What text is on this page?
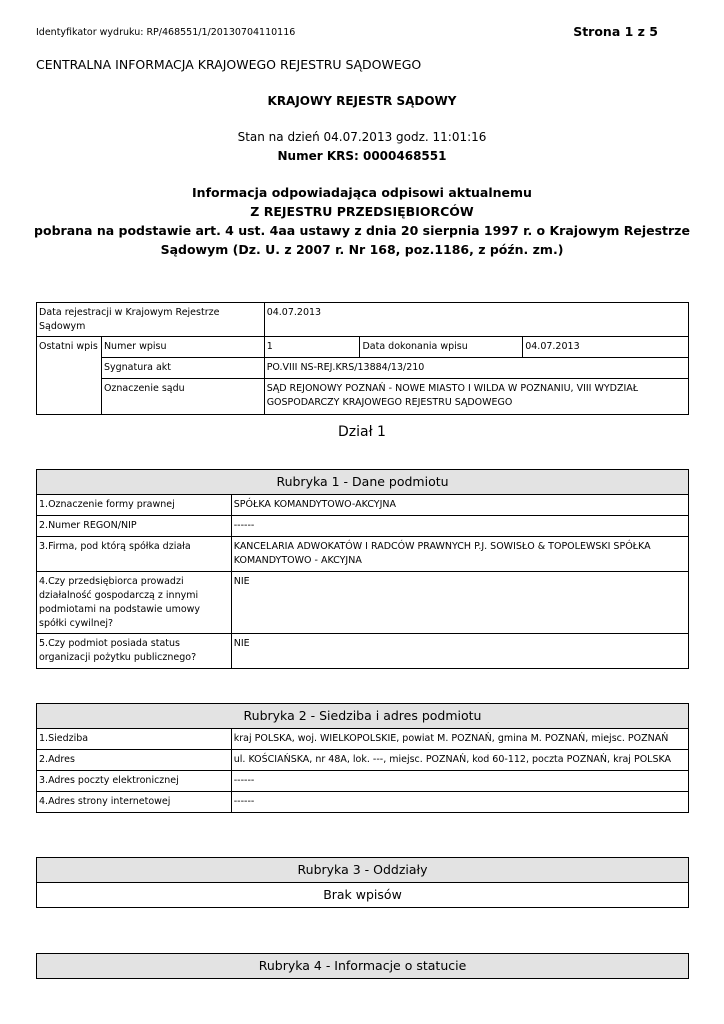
Identyfikator wydruku: RP/468551/1/20130704110116	Strona 1 z 5
CENTRALNA INFORMACJA KRAJOWEGO REJESTRU SĄDOWEGO
KRAJOWY REJESTR SĄDOWY
Stan na dzień 04.07.2013 godz. 11:01:16
Numer KRS: 0000468551
Informacja odpowiadająca odpisowi aktualnemu
Z REJESTRU PRZEDSIĘBIORCÓW
pobrana na podstawie art. 4 ust. 4aa ustawy z dnia 20 sierpnia 1997 r. o Krajowym Rejestrze
Sądowym (Dz. U. z 2007 r. Nr 168, poz.1186, z późn. zm.)
Data rejestracji w Krajowym Rejestrze Sądowym		04.07.2013		
Ostatni wpis	Numer wpisu	1	Data dokonania wpisu	04.07.2013
	Sygnatura akt	PO.VIII NS-REJ.KRS/13884/13/210		
	Oznaczenie sądu	SĄD REJONOWY POZNAŃ - NOWE MIASTO I WILDA W POZNANIU, VIII WYDZIAŁ GOSPODARCZY KRAJOWEGO REJESTRU SĄDOWEGO		
Dział 1
Rubryka 1 - Dane podmiotu	
1.Oznaczenie formy prawnej	SPÓŁKA KOMANDYTOWO-AKCYJNA
2.Numer REGON/NIP	------
3.Firma, pod którą spółka działa	KANCELARIA ADWOKATÓW I RADCÓW PRAWNYCH P.J. SOWISŁO & TOPOLEWSKI SPÓŁKA KOMANDYTOWO - AKCYJNA
4.Czy przedsiębiorca prowadzi działalność gospodarczą z innymi podmiotami na podstawie umowy spółki cywilnej?	NIE
5.Czy podmiot posiada status organizacji pożytku publicznego?	NIE
Rubryka 2 - Siedziba i adres podmiotu	
1.Siedziba	kraj POLSKA, woj. WIELKOPOLSKIE, powiat M. POZNAŃ, gmina M. POZNAŃ, miejsc. POZNAŃ
2.Adres	ul. KOŚCIAŃSKA, nr 48A, lok. ---, miejsc. POZNAŃ, kod 60-112, poczta POZNAŃ, kraj POLSKA
3.Adres poczty elektronicznej	------
4.Adres strony internetowej	------
Rubryka 3 - Oddziały
Brak wpisów
Rubryka 4 - Informacje o statucie
